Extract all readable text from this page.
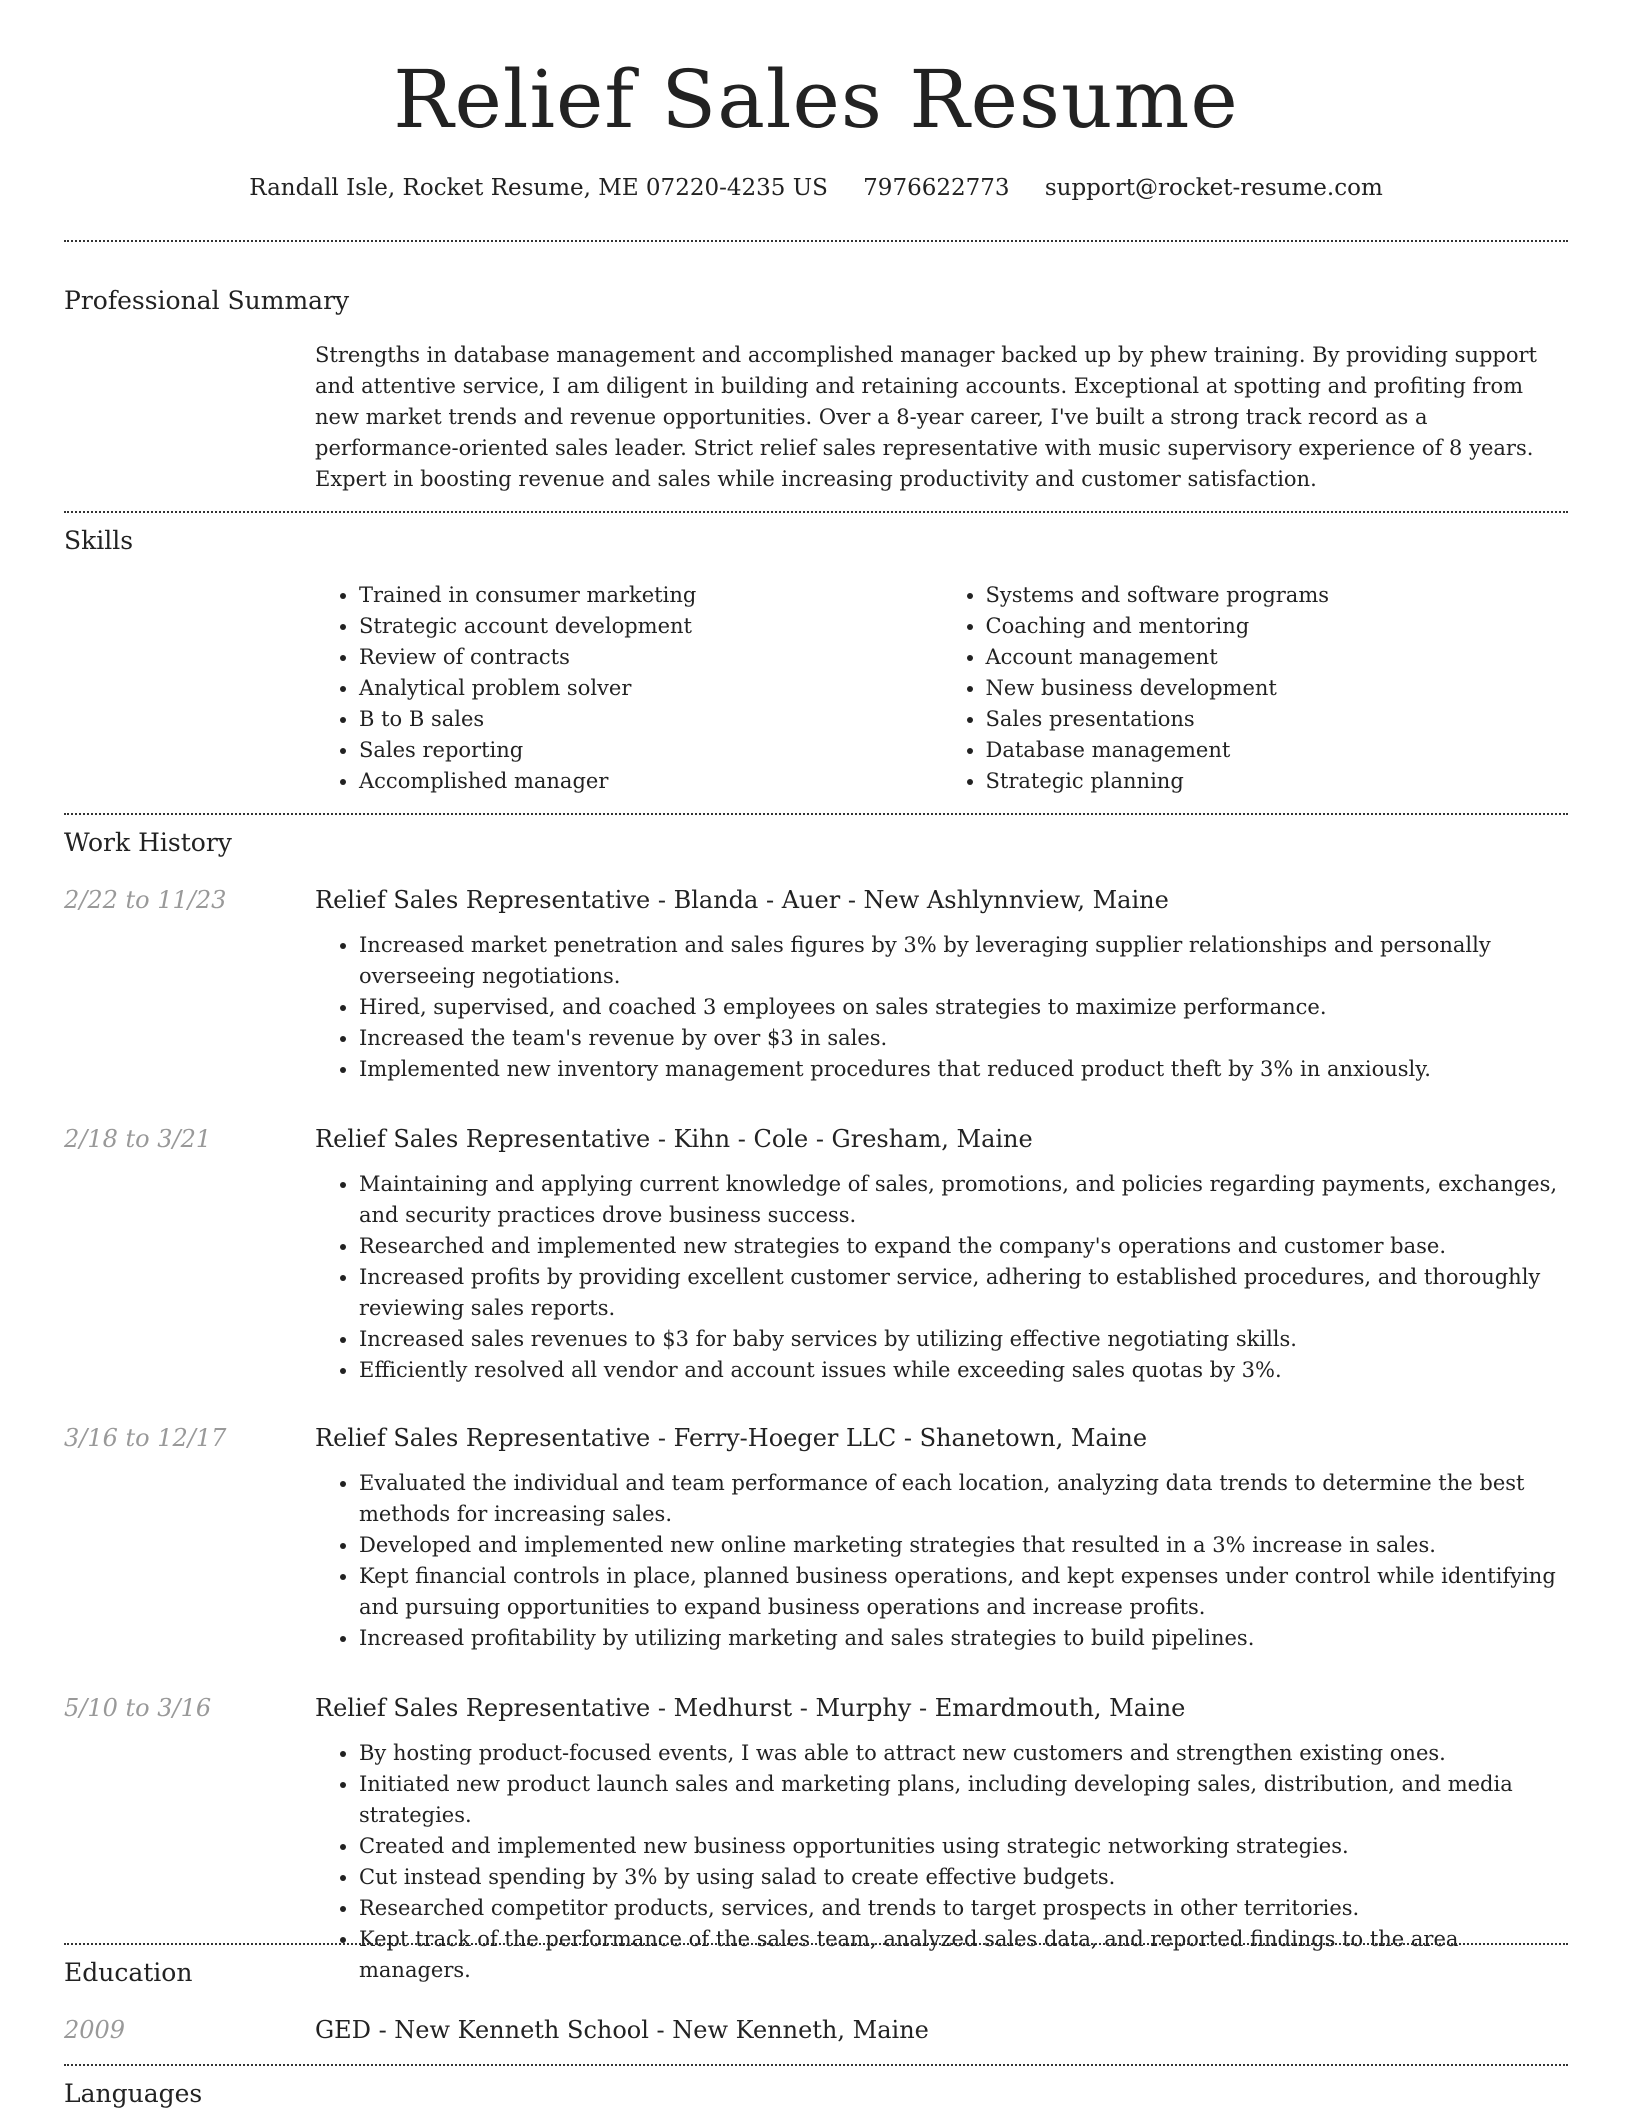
Relief Sales Resume
Randall Isle, Rocket Resume, ME 07220-4235 US 7976622773 support@rocket-resume.com
Professional Summary

Strengths in database management and accomplished manager backed up by phew training. By providing support and attentive service, I am diligent in building and retaining accounts. Exceptional at spotting and profiting from new market trends and revenue opportunities. Over a 8-year career, I've built a strong track record as a performance-oriented sales leader. Strict relief sales representative with music supervisory experience of 8 years. Expert in boosting revenue and sales while increasing productivity and customer satisfaction.

Skills
• Trained in consumer marketing
• Strategic account development
• Review of contracts
• Analytical problem solver
• B to B sales
• Sales reporting
• Accomplished manager
• Systems and software programs
• Coaching and mentoring
• Account management
• New business development
• Sales presentations
• Database management
• Strategic planning
Work History
2/22 to 11/23	Relief Sales Representative - Blanda - Auer - New Ashlynnview, Maine

• Increased market penetration and sales figures by 3% by leveraging supplier relationships and personally overseeing negotiations.
• Hired, supervised, and coached 3 employees on sales strategies to maximize performance.
• Increased the team's revenue by over $3 in sales.
• Implemented new inventory management procedures that reduced product theft by 3% in anxiously.
2/18 to 3/21	Relief Sales Representative - Kihn - Cole - Gresham, Maine

• Maintaining and applying current knowledge of sales, promotions, and policies regarding payments, exchanges, and security practices drove business success.
• Researched and implemented new strategies to expand the company's operations and customer base.
• Increased profits by providing excellent customer service, adhering to established procedures, and thoroughly reviewing sales reports.
• Increased sales revenues to $3 for baby services by utilizing effective negotiating skills.
• Efficiently resolved all vendor and account issues while exceeding sales quotas by 3%.
3/16 to 12/17	Relief Sales Representative - Ferry-Hoeger LLC - Shanetown, Maine

• Evaluated the individual and team performance of each location, analyzing data trends to determine the best methods for increasing sales.
• Developed and implemented new online marketing strategies that resulted in a 3% increase in sales.
• Kept financial controls in place, planned business operations, and kept expenses under control while identifying and pursuing opportunities to expand business operations and increase profits.
• Increased profitability by utilizing marketing and sales strategies to build pipelines.
5/10 to 3/16	Relief Sales Representative - Medhurst - Murphy - Emardmouth, Maine

• By hosting product-focused events, I was able to attract new customers and strengthen existing ones.
• Initiated new product launch sales and marketing plans, including developing sales, distribution, and media strategies.
• Created and implemented new business opportunities using strategic networking strategies.
• Cut instead spending by 3% by using salad to create effective budgets.
• Researched competitor products, services, and trends to target prospects in other territories.
• Kept track of the performance of the sales team, analyzed sales data, and reported findings to the area managers.
Education
2009	GED - New Kenneth School - New Kenneth, Maine

Languages
